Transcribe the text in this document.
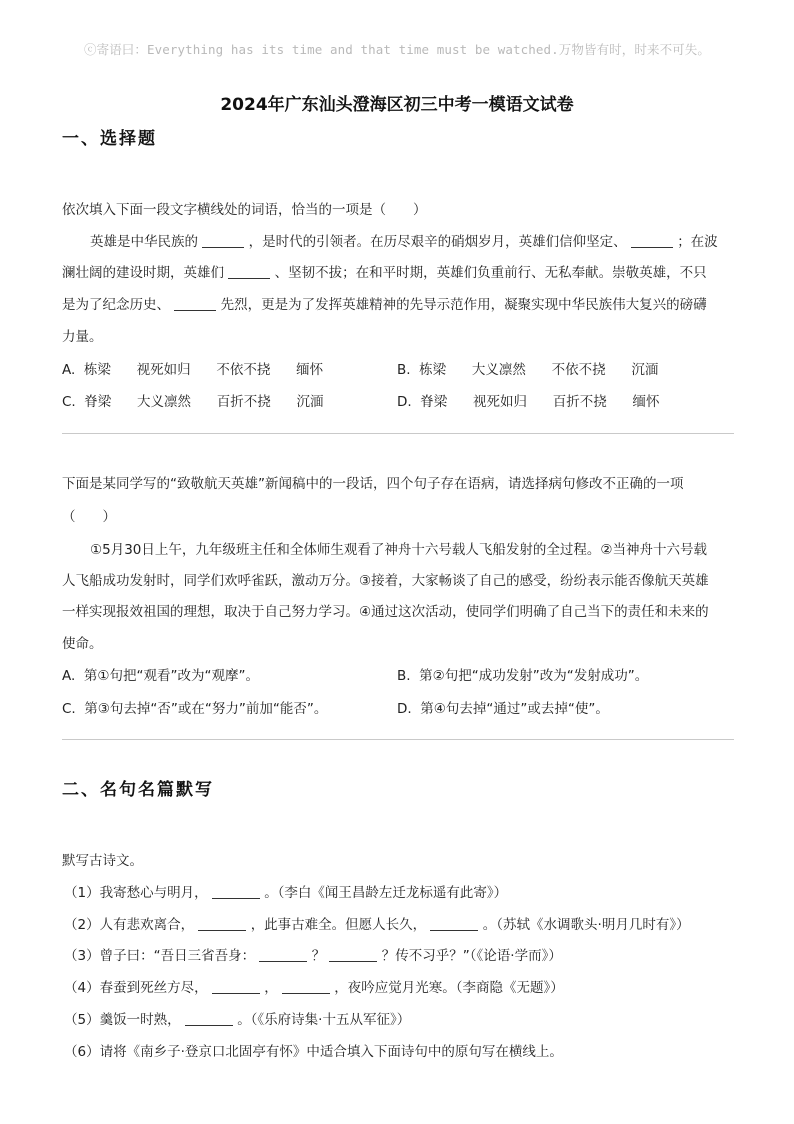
ⓒ寄语曰：Everything has its time and that time must be watched.万物皆有时，时来不可失。
2024年广东汕头澄海区初三中考一模语文试卷
一、选择题
依次填入下面一段文字横线处的词语，恰当的一项是（　　）
英雄是中华民族的	，是时代的引领者。在历尽艰辛的硝烟岁月，英雄们信仰坚定、	；在波
澜壮阔的建设时期，英雄们	、坚韧不拔；在和平时期，英雄们负重前行、无私奉献。崇敬英雄，不只
是为了纪念历史、	先烈，更是为了发挥英雄精神的先导示范作用，凝聚实现中华民族伟大复兴的磅礴
力量。
A.  栋梁      视死如归      不依不挠      缅怀	B.  栋梁      大义凛然      不依不挠      沉湎
C.  脊梁      大义凛然      百折不挠      沉湎	D.  脊梁      视死如归      百折不挠      缅怀
下面是某同学写的“致敬航天英雄”新闻稿中的一段话，四个句子存在语病，请选择病句修改不正确的一项
（　　）
①5月30日上午，九年级班主任和全体师生观看了神舟十六号载人飞船发射的全过程。②当神舟十六号载
人飞船成功发射时，同学们欢呼雀跃，激动万分。③接着，大家畅谈了自己的感受，纷纷表示能否像航天英雄
一样实现报效祖国的理想，取决于自己努力学习。④通过这次活动，使同学们明确了自己当下的责任和未来的
使命。
A.  第①句把“观看”改为“观摩”。	B.  第②句把“成功发射”改为“发射成功”。
C.  第③句去掉“否”或在“努力”前加“能否”。	D.  第④句去掉“通过”或去掉“使”。
二、名句名篇默写
默写古诗文。
（1）我寄愁心与明月，	。（李白《闻王昌龄左迁龙标遥有此寄》）
（2）人有悲欢离合，	，此事古难全。但愿人长久，	。（苏轼《水调歌头·明月几时有》）
（3）曾子曰：“吾日三省吾身：	？	？传不习乎？”（《论语·学而》）
（4）春蚕到死丝方尽，	，	，夜吟应觉月光寒。（李商隐《无题》）
（5）羹饭一时熟，	。（《乐府诗集·十五从军征》）
（6）请将《南乡子·登京口北固亭有怀》中适合填入下面诗句中的原句写在横线上。
